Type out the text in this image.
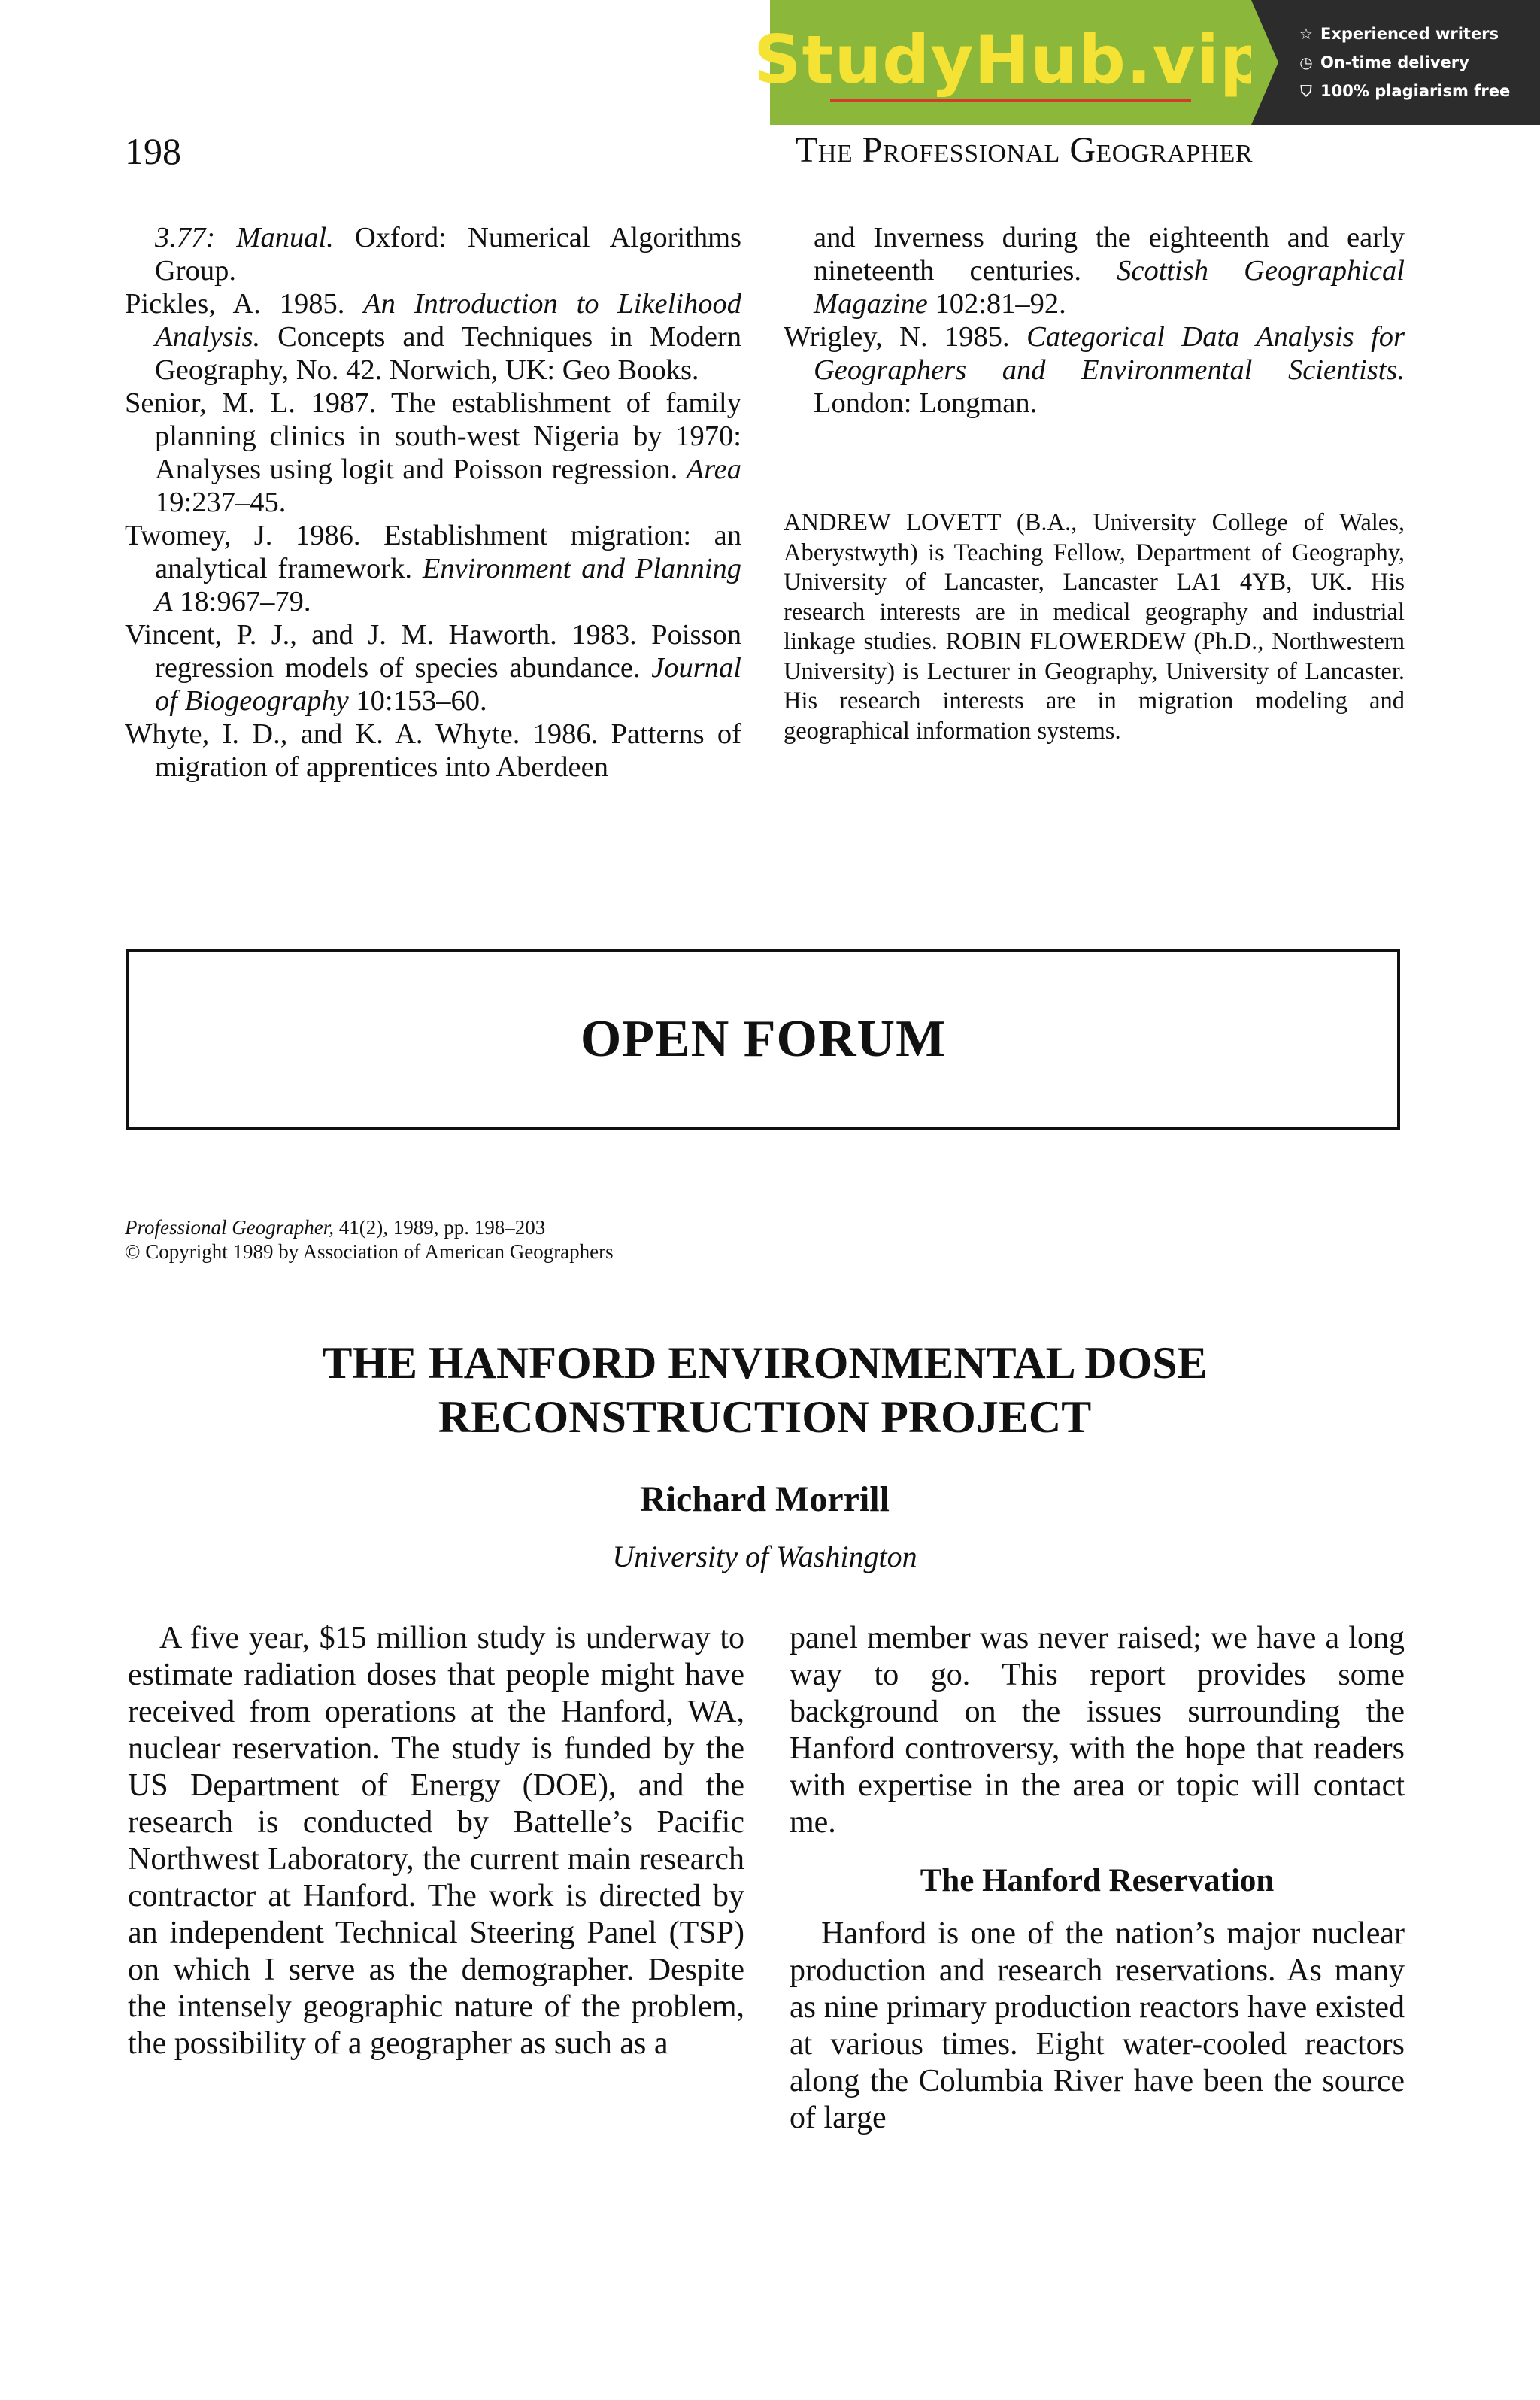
StudyHub.vip ☆ Experienced writers
◷ On-time delivery
⛉ 100% plagiarism free
198	The Professional Geographer

3.77: Manual. Oxford: Numerical Algorithms Group.

Pickles, A. 1985. An Introduction to Likelihood Analysis. Concepts and Techniques in Modern Geography, No. 42. Norwich, UK: Geo Books.

Senior, M. L. 1987. The establishment of family planning clinics in south-west Nigeria by 1970: Analyses using logit and Poisson regression. Area 19:237–45.

Twomey, J. 1986. Establishment migration: an analytical framework. Environment and Planning A 18:967–79.

Vincent, P. J., and J. M. Haworth. 1983. Poisson regression models of species abundance. Journal of Biogeography 10:153–60.

Whyte, I. D., and K. A. Whyte. 1986. Patterns of migration of apprentices into Aberdeen

and Inverness during the eighteenth and early nineteenth centuries. Scottish Geographical Magazine 102:81–92.

Wrigley, N. 1985. Categorical Data Analysis for Geographers and Environmental Scientists. London: Longman.

ANDREW LOVETT (B.A., University College of Wales, Aberystwyth) is Teaching Fellow, Department of Geography, University of Lancaster, Lancaster LA1 4YB, UK. His research interests are in medical geography and industrial linkage studies. ROBIN FLOWERDEW (Ph.D., Northwestern University) is Lecturer in Geography, University of Lancaster. His research interests are in migration modeling and geographical information systems.
OPEN FORUM
Professional Geographer, 41(2), 1989, pp. 198–203
© Copyright 1989 by Association of American Geographers
THE HANFORD ENVIRONMENTAL DOSE
RECONSTRUCTION PROJECT
Richard Morrill
University of Washington

A five year, $15 million study is underway to estimate radiation doses that people might have received from operations at the Hanford, WA, nuclear reservation. The study is funded by the US Department of Energy (DOE), and the research is conducted by Battelle’s Pacific Northwest Laboratory, the current main research contractor at Hanford. The work is directed by an independent Technical Steering Panel (TSP) on which I serve as the demographer. Despite the intensely geographic nature of the problem, the possibility of a geographer as such as a

panel member was never raised; we have a long way to go. This report provides some background on the issues surrounding the Hanford controversy, with the hope that readers with expertise in the area or topic will contact me.

The Hanford Reservation

Hanford is one of the nation’s major nuclear production and research reservations. As many as nine primary production reactors have existed at various times. Eight water-cooled reactors along the Columbia River have been the source of large
